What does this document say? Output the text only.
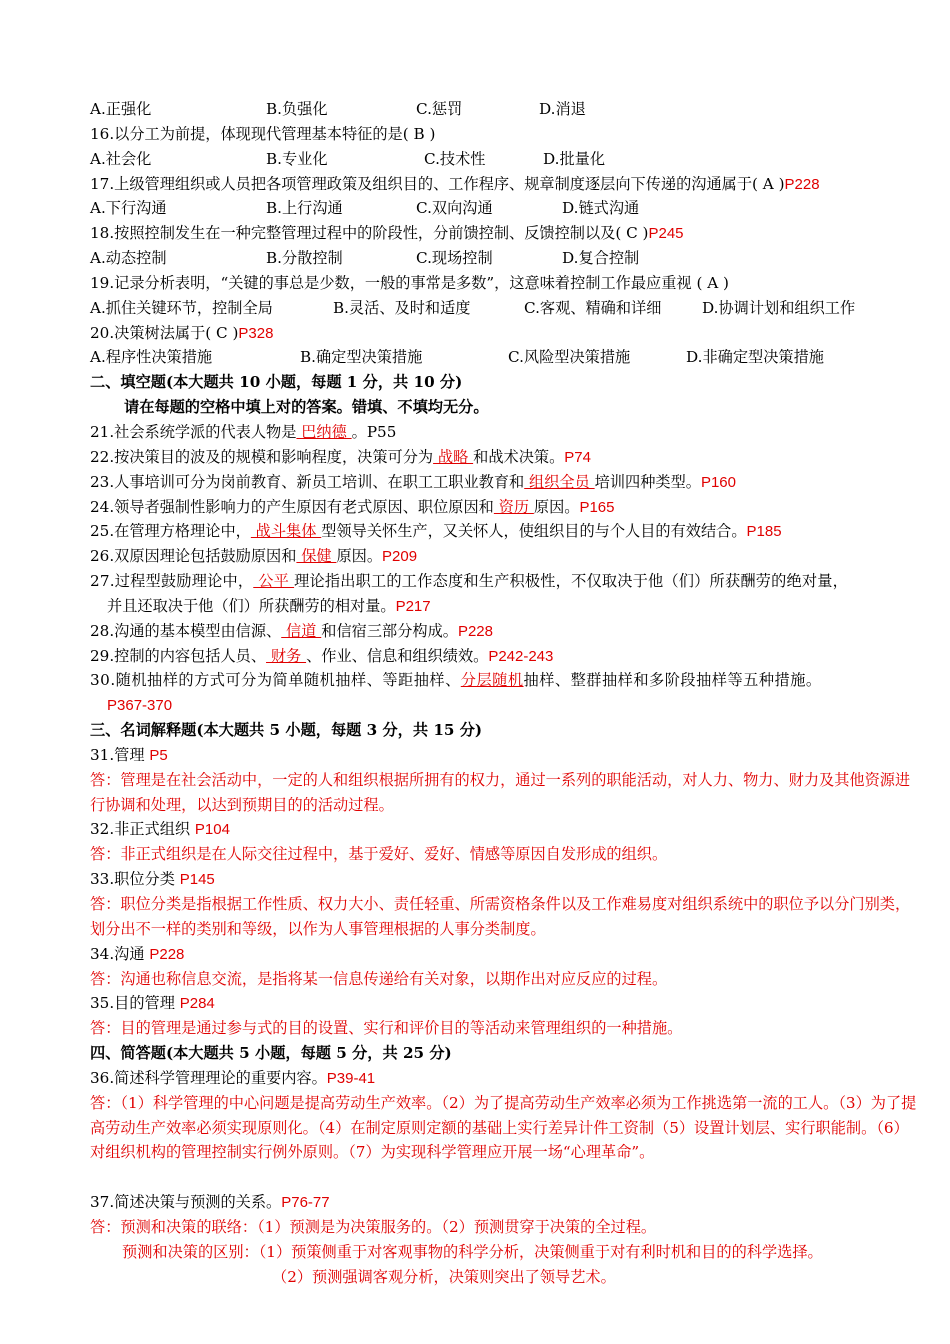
A.正强化	B.负强化	C.惩罚	D.消退
16.以分工为前提，体现现代管理基本特征的是( B )
A.社会化	B.专业化	C.技术性	D.批量化
17.上级管理组织或人员把各项管理政策及组织目的、工作程序、规章制度逐层向下传递的沟通属于( A )P228
A.下行沟通	B.上行沟通	C.双向沟通	D.链式沟通
18.按照控制发生在一种完整管理过程中的阶段性，分前馈控制、反馈控制以及( C )P245
A.动态控制	B.分散控制	C.现场控制	D.复合控制
19.记录分析表明，“关键的事总是少数，一般的事常是多数”，这意味着控制工作最应重视 ( A )
A.抓住关键环节，控制全局	B.灵活、及时和适度	C.客观、精确和详细	D.协调计划和组织工作
20.决策树法属于( C )P328
A.程序性决策措施	B.确定型决策措施	C.风险型决策措施	D.非确定型决策措施
二、填空题(本大题共 10 小题，每题 1 分，共 10 分)
请在每题的空格中填上对的答案。错填、不填均无分。
21.社会系统学派的代表人物是 巴纳德 。P55
22.按决策目的波及的规模和影响程度，决策可分为 战略 和战术决策。P74
23.人事培训可分为岗前教育、新员工培训、在职工工职业教育和 组织全员 培训四种类型。P160
24.领导者强制性影响力的产生原因有老式原因、职位原因和 资历 原因。P165
25.在管理方格理论中， 战斗集体 型领导关怀生产，又关怀人，使组织目的与个人目的有效结合。P185
26.双原因理论包括鼓励原因和 保健 原因。P209
27.过程型鼓励理论中， 公平 理论指出职工的工作态度和生产积极性，不仅取决于他（们）所获酬劳的绝对量，
并且还取决于他（们）所获酬劳的相对量。P217
28.沟通的基本模型由信源、 信道 和信宿三部分构成。P228
29.控制的内容包括人员、 财务 、作业、信息和组织绩效。P242-243
30.随机抽样的方式可分为简单随机抽样、等距抽样、分层随机抽样、整群抽样和多阶段抽样等五种措施。
P367-370
三、名词解释题(本大题共 5 小题，每题 3 分，共 15 分)
31.管理 P5
答：管理是在社会活动中，一定的人和组织根据所拥有的权力，通过一系列的职能活动，对人力、物力、财力及其他资源进行协调和处理，以达到预期目的的活动过程。
32.非正式组织 P104
答：非正式组织是在人际交往过程中，基于爱好、爱好、情感等原因自发形成的组织。
33.职位分类 P145
答：职位分类是指根据工作性质、权力大小、责任轻重、所需资格条件以及工作难易度对组织系统中的职位予以分门别类，划分出不一样的类别和等级，以作为人事管理根据的人事分类制度。
34.沟通 P228
答：沟通也称信息交流，是指将某一信息传递给有关对象，以期作出对应反应的过程。
35.目的管理 P284
答：目的管理是通过参与式的目的设置、实行和评价目的等活动来管理组织的一种措施。
四、简答题(本大题共 5 小题，每题 5 分，共 25 分)
36.简述科学管理理论的重要内容。P39-41
答：（1）科学管理的中心问题是提高劳动生产效率。（2）为了提高劳动生产效率必须为工作挑选第一流的工人。（3）为了提高劳动生产效率必须实现原则化。（4）在制定原则定额的基础上实行差异计件工资制（5）设置计划层、实行职能制。（6）对组织机构的管理控制实行例外原则。（7）为实现科学管理应开展一场“心理革命”。
37.简述决策与预测的关系。P76-77
答：预测和决策的联络：（1）预测是为决策服务的。（2）预测贯穿于决策的全过程。
预测和决策的区别：（1）预策侧重于对客观事物的科学分析，决策侧重于对有利时机和目的的科学选择。
（2）预测强调客观分析，决策则突出了领导艺术。
